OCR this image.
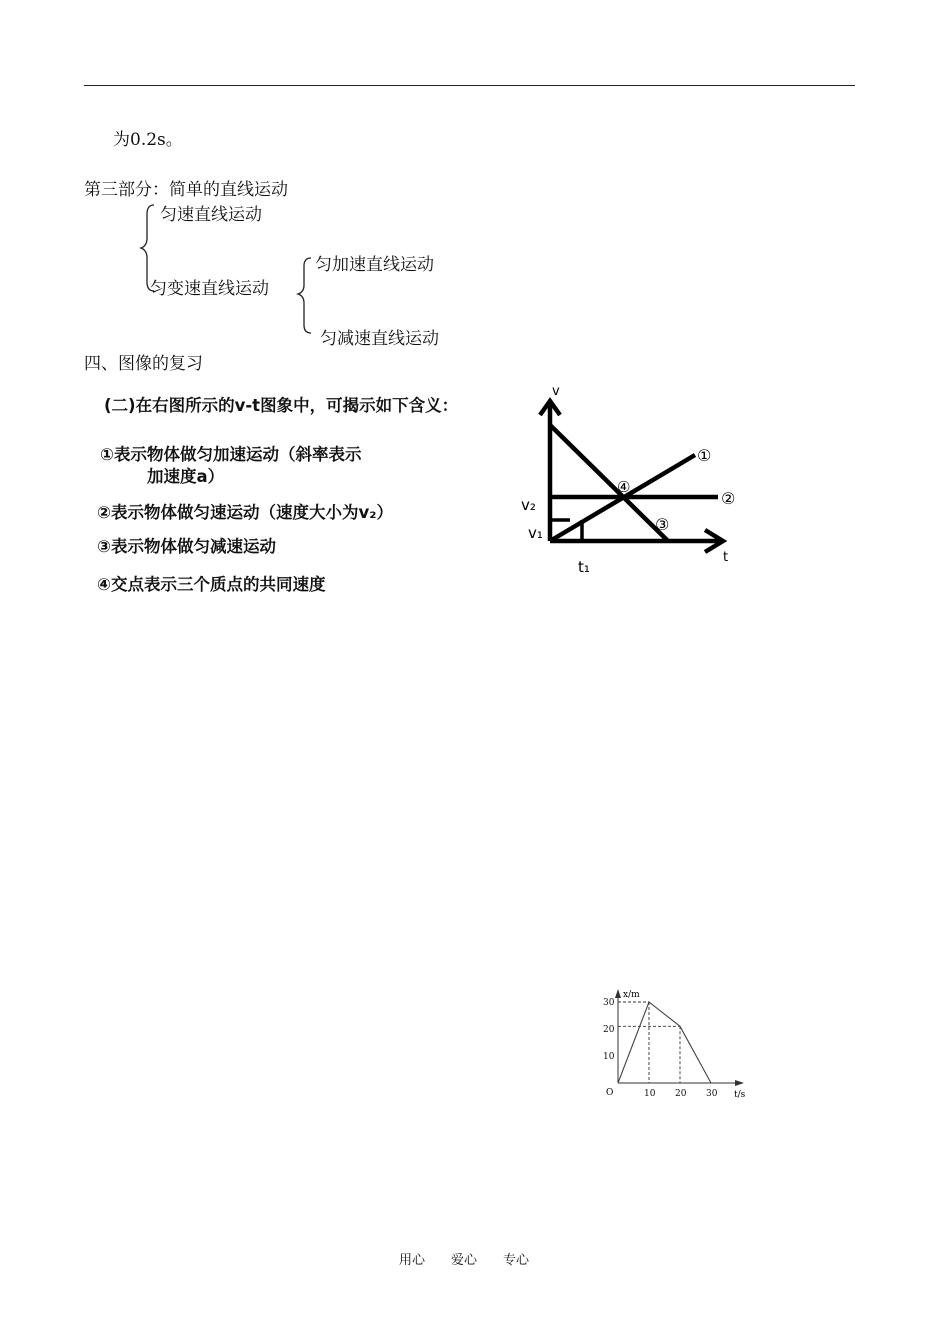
为0.2s。
第三部分：简单的直线运动
匀速直线运动
匀变速直线运动
匀加速直线运动
匀减速直线运动
四、图像的复习
(二)在右图所示的v-t图象中，可揭示如下含义：
①表示物体做匀加速运动（斜率表示
加速度a）
②表示物体做匀速运动（速度大小为v₂）
③表示物体做匀减速运动
④交点表示三个质点的共同速度
v
t
v₂
v₁
t₁
①
②
③
④
10 20 30
10
20
30
x/m
t/s
O
用心 爱心 专心
